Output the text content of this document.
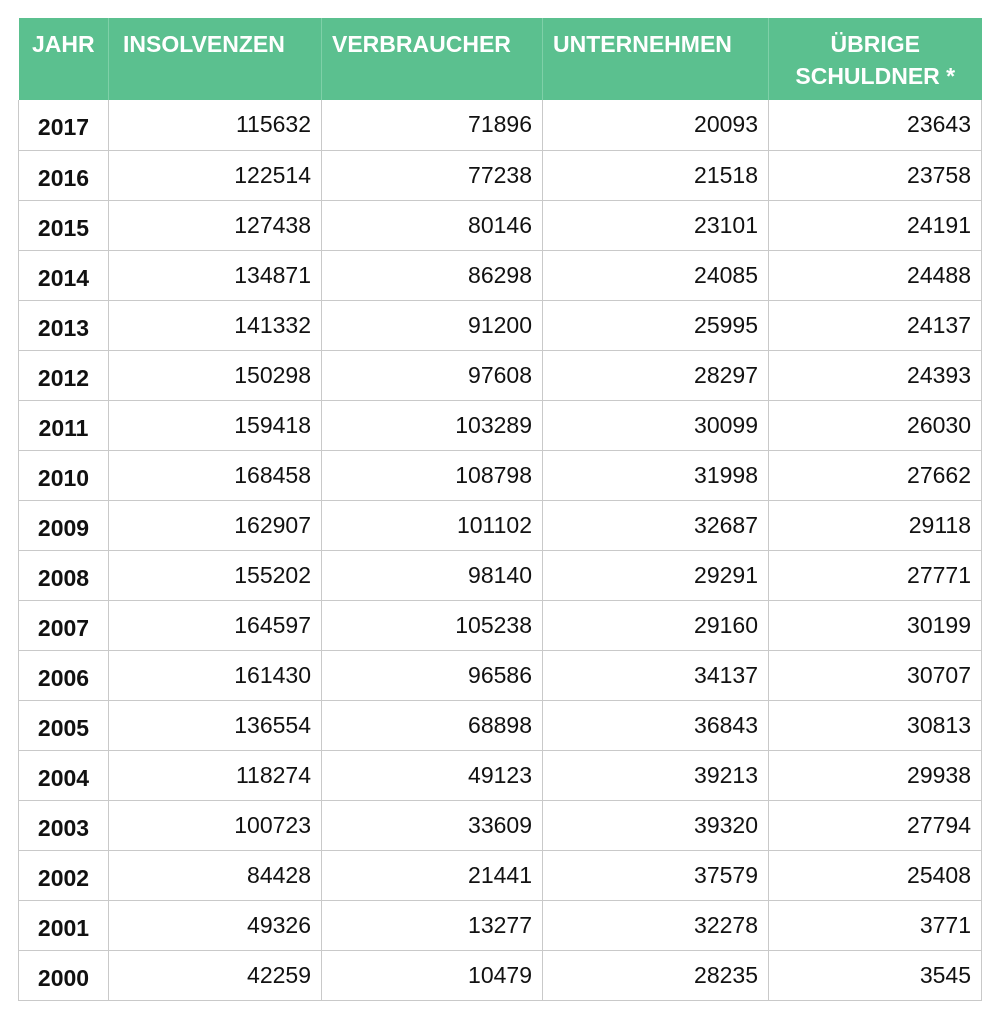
JAHR	INSOLVENZEN	VERBRAUCHER	UNTERNEHMEN	ÜBRIGE SCHULDNER *
2017	115632	71896	20093	23643
2016	122514	77238	21518	23758
2015	127438	80146	23101	24191
2014	134871	86298	24085	24488
2013	141332	91200	25995	24137
2012	150298	97608	28297	24393
2011	159418	103289	30099	26030
2010	168458	108798	31998	27662
2009	162907	101102	32687	29118
2008	155202	98140	29291	27771
2007	164597	105238	29160	30199
2006	161430	96586	34137	30707
2005	136554	68898	36843	30813
2004	118274	49123	39213	29938
2003	100723	33609	39320	27794
2002	84428	21441	37579	25408
2001	49326	13277	32278	3771
2000	42259	10479	28235	3545
